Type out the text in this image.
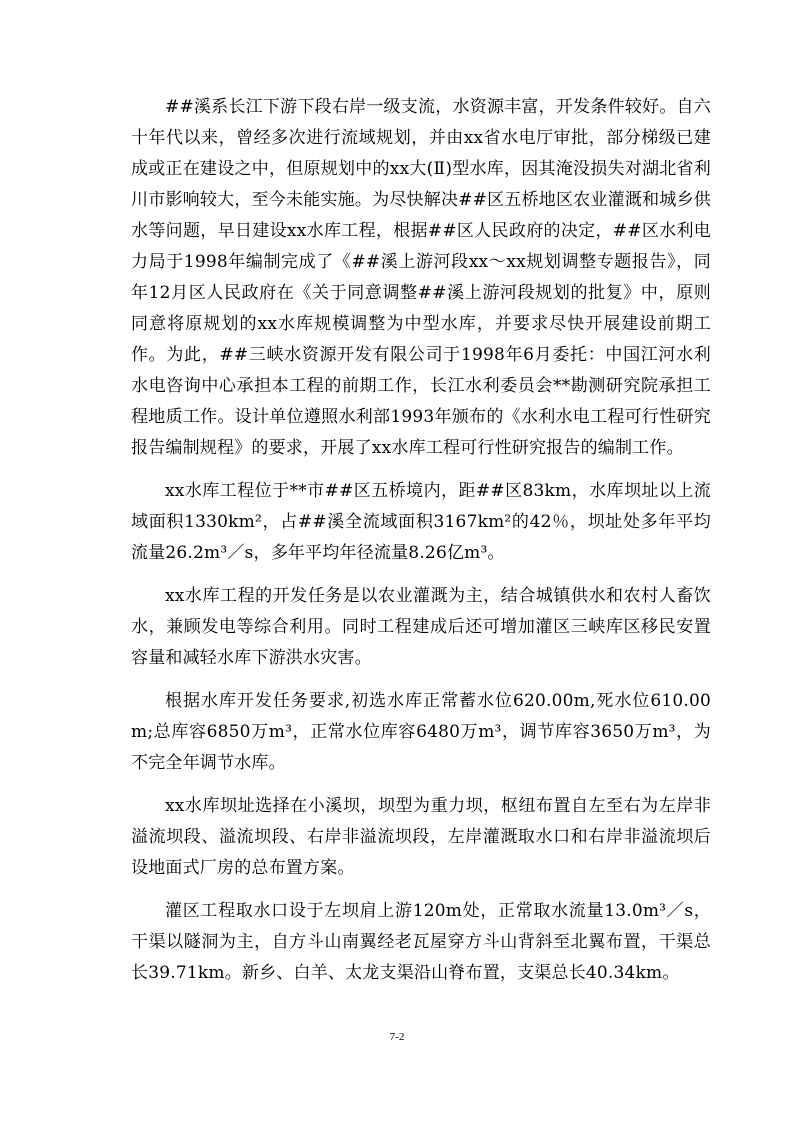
##溪系长江下游下段右岸一级支流，水资源丰富，开发条件较好。自六十年代以来，曾经多次进行流域规划，并由xx省水电厅审批，部分梯级已建成或正在建设之中，但原规划中的xx大(Ⅱ)型水库，因其淹没损失对湖北省利川市影响较大，至今未能实施。为尽快解决##区五桥地区农业灌溉和城乡供水等问题，早日建设xx水库工程，根据##区人民政府的决定，##区水利电力局于1998年编制完成了《##溪上游河段xx～xx规划调整专题报告》，同年12月区人民政府在《关于同意调整##溪上游河段规划的批复》中，原则同意将原规划的xx水库规模调整为中型水库，并要求尽快开展建设前期工作。为此，##三峡水资源开发有限公司于1998年6月委托：中国江河水利水电咨询中心承担本工程的前期工作，长江水利委员会**勘测研究院承担工程地质工作。设计单位遵照水利部1993年颁布的《水利水电工程可行性研究报告编制规程》的要求，开展了xx水库工程可行性研究报告的编制工作。

xx水库工程位于**市##区五桥境内，距##区83km，水库坝址以上流域面积1330km²，占##溪全流域面积3167km²的42％，坝址处多年平均流量26.2m³／s，多年平均年径流量8.26亿m³。

xx水库工程的开发任务是以农业灌溉为主，结合城镇供水和农村人畜饮水，兼顾发电等综合利用。同时工程建成后还可增加灌区三峡库区移民安置容量和减轻水库下游洪水灾害。

根据水库开发任务要求,初选水库正常蓄水位620.00m,死水位610.00m;总库容6850万m³，正常水位库容6480万m³，调节库容3650万m³，为不完全年调节水库。

xx水库坝址选择在小溪坝，坝型为重力坝，枢纽布置自左至右为左岸非溢流坝段、溢流坝段、右岸非溢流坝段，左岸灌溉取水口和右岸非溢流坝后设地面式厂房的总布置方案。

灌区工程取水口设于左坝肩上游120m处，正常取水流量13.0m³／s，干渠以隧洞为主，自方斗山南翼经老瓦屋穿方斗山背斜至北翼布置，干渠总长39.71km。新乡、白羊、太龙支渠沿山脊布置，支渠总长40.34km。

7-2
